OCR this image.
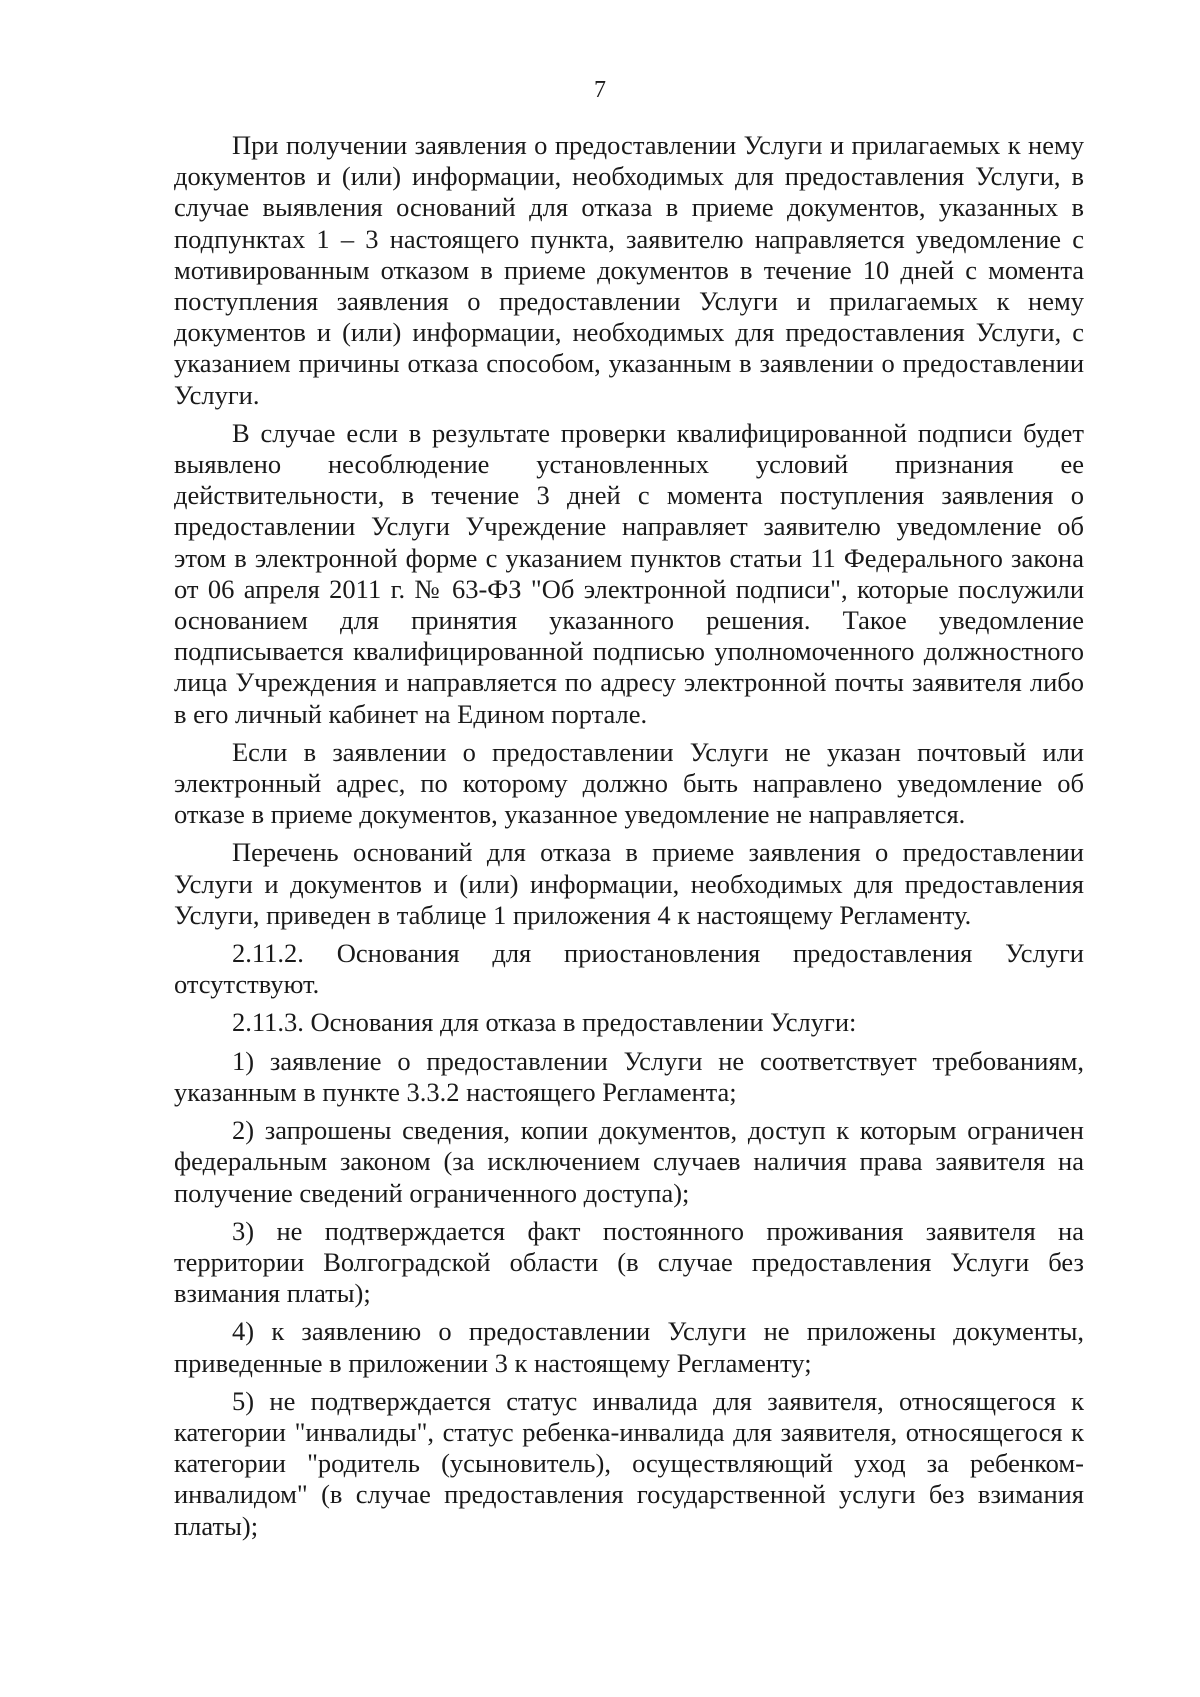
7

При получении заявления о предоставлении Услуги и прилагаемых к нему документов и (или) информации, необходимых для предоставления Услуги, в случае выявления оснований для отказа в приеме документов, указанных в подпунктах 1 – 3 настоящего пункта, заявителю направляется уведомление с мотивированным отказом в приеме документов в течение 10 дней с момента поступления заявления о предоставлении Услуги и прилагаемых к нему документов и (или) информации, необходимых для предоставления Услуги, с указанием причины отказа способом, указанным в заявлении о предоставлении Услуги.

В случае если в результате проверки квалифицированной подписи будет выявлено несоблюдение установленных условий признания ее действительности, в течение 3 дней с момента поступления заявления о предоставлении Услуги Учреждение направляет заявителю уведомление об этом в электронной форме с указанием пунктов статьи 11 Федерального закона от 06 апреля 2011 г. № 63-ФЗ "Об электронной подписи", которые послужили основанием для принятия указанного решения. Такое уведомление подписывается квалифицированной подписью уполномоченного должностного лица Учреждения и направляется по адресу электронной почты заявителя либо в его личный кабинет на Едином портале.

Если в заявлении о предоставлении Услуги не указан почтовый или электронный адрес, по которому должно быть направлено уведомление об отказе в приеме документов, указанное уведомление не направляется.

Перечень оснований для отказа в приеме заявления о предоставлении Услуги и документов и (или) информации, необходимых для предоставления Услуги, приведен в таблице 1 приложения 4 к настоящему Регламенту.

2.11.2. Основания для приостановления предоставления Услуги отсутствуют.

2.11.3. Основания для отказа в предоставлении Услуги:

1) заявление о предоставлении Услуги не соответствует требованиям, указанным в пункте 3.3.2 настоящего Регламента;

2) запрошены сведения, копии документов, доступ к которым ограничен федеральным законом (за исключением случаев наличия права заявителя на получение сведений ограниченного доступа);

3) не подтверждается факт постоянного проживания заявителя на территории Волгоградской области (в случае предоставления Услуги без взимания платы);

4) к заявлению о предоставлении Услуги не приложены документы, приведенные в приложении 3 к настоящему Регламенту;

5) не подтверждается статус инвалида для заявителя, относящегося к категории "инвалиды", статус ребенка-инвалида для заявителя, относящегося к категории "родитель (усыновитель), осуществляющий уход за ребенком-инвалидом" (в случае предоставления государственной услуги без взимания платы);
